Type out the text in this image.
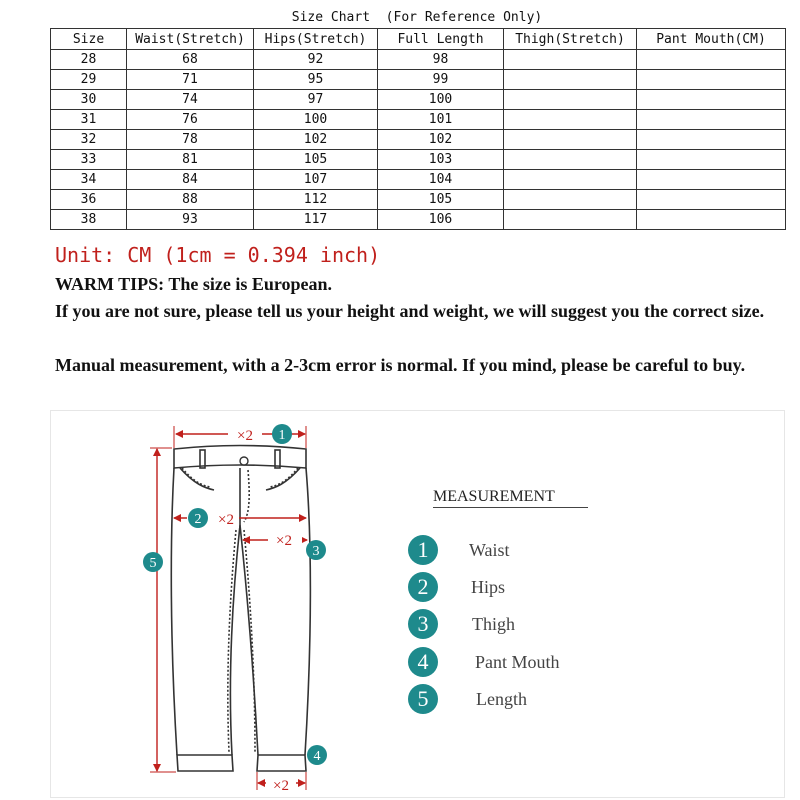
Size Chart  (For Reference Only)
Size	Waist(Stretch)	Hips(Stretch)	Full Length	Thigh(Stretch)	Pant Mouth(CM)
28	68	92	98		
29	71	95	99		
30	74	97	100		
31	76	100	101		
32	78	102	102		
33	81	105	103		
34	84	107	104		
36	88	112	105		
38	93	117	106		
Unit: CM (1cm = 0.394 inch)
WARM TIPS: The size is European.
If you are not sure, please tell us your height and weight, we will suggest you the correct size.
Manual measurement, with a 2-3cm error is normal. If you mind, please be careful to buy.
×2 1
×2
2
×2
3
×2
4
5
MEASUREMENT
1	Waist
2	Hips
3	Thigh
4	Pant Mouth
5	Length
